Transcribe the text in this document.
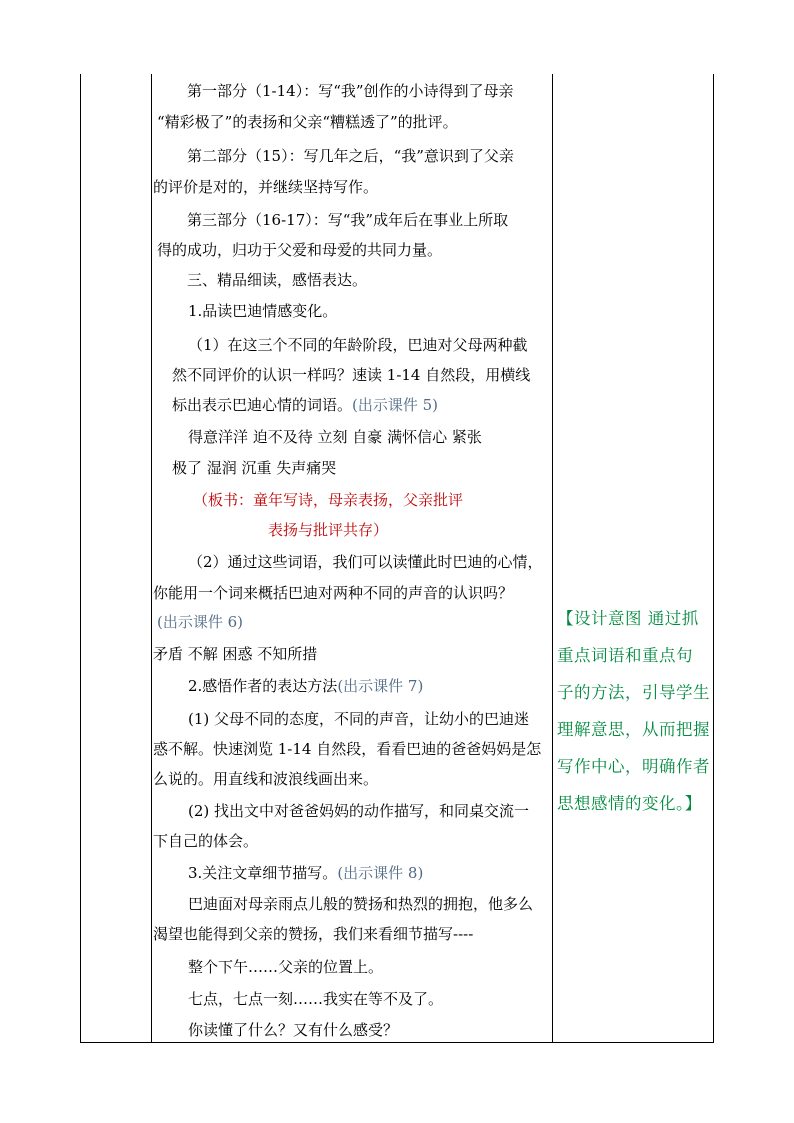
第一部分（1-14）：写“我”创作的小诗得到了母亲
“精彩极了”的表扬和父亲“糟糕透了”的批评。
第二部分（15）：写几年之后，“我”意识到了父亲
的评价是对的，并继续坚持写作。
第三部分（16-17）：写“我”成年后在事业上所取
得的成功，归功于父爱和母爱的共同力量。
三、精品细读，感悟表达。
1.品读巴迪情感变化。
（1）在这三个不同的年龄阶段，巴迪对父母两种截
然不同评价的认识一样吗？速读 1-14 自然段，用横线
标出表示巴迪心情的词语。(出示课件 5)
得意洋洋 迫不及待 立刻 自豪 满怀信心 紧张
极了 湿润 沉重 失声痛哭
（板书：童年写诗，母亲表扬，父亲批评
表扬与批评共存）
（2）通过这些词语，我们可以读懂此时巴迪的心情，
你能用一个词来概括巴迪对两种不同的声音的认识吗？
(出示课件 6)
矛盾 不解 困惑 不知所措
2.感悟作者的表达方法(出示课件 7)
(1) 父母不同的态度，不同的声音，让幼小的巴迪迷
惑不解。快速浏览 1-14 自然段，看看巴迪的爸爸妈妈是怎
么说的。用直线和波浪线画出来。
(2) 找出文中对爸爸妈妈的动作描写，和同桌交流一
下自己的体会。
3.关注文章细节描写。(出示课件 8)
巴迪面对母亲雨点儿般的赞扬和热烈的拥抱，他多么
渴望也能得到父亲的赞扬，我们来看细节描写----
整个下午……父亲的位置上。
七点，七点一刻……我实在等不及了。
你读懂了什么？又有什么感受？
【设计意图 通过抓
重点词语和重点句
子的方法，引导学生
理解意思，从而把握
写作中心，明确作者
思想感情的变化。】
